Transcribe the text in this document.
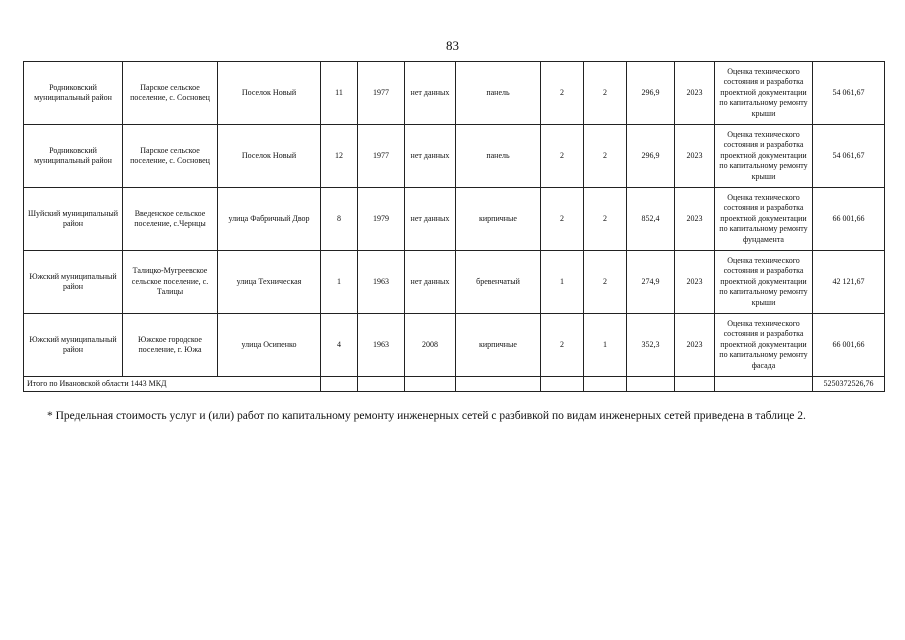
83
Родниковский муниципальный район	Парское сельское поселение, с. Сосновец	Поселок Новый	11	1977	нет данных	панель	2	2	296,9	2023	Оценка технического состояния и разработка проектной документации по капитальному ремонту крыши	54 061,67
Родниковский муниципальный район	Парское сельское поселение, с. Сосновец	Поселок Новый	12	1977	нет данных	панель	2	2	296,9	2023	Оценка технического состояния и разработка проектной документации по капитальному ремонту крыши	54 061,67
Шуйский муниципальный район	Введенское сельское поселение, с.Чернцы	улица Фабричный Двор	8	1979	нет данных	кирпичные	2	2	852,4	2023	Оценка технического состояния и разработка проектной документации по капитальному ремонту фундамента	66 001,66
Южский муниципальный район	Талицко-Мугреевское сельское поселение, с. Талицы	улица Техническая	1	1963	нет данных	бревенчатый	1	2	274,9	2023	Оценка технического состояния и разработка проектной документации по капитальному ремонту крыши	42 121,67
Южский муниципальный район	Южское городское поселение, г. Южа	улица Осипенко	4	1963	2008	кирпичные	2	1	352,3	2023	Оценка технического состояния и разработка проектной документации по капитальному ремонту фасада	66 001,66
Итого по Ивановской области 1443 МКД												5250372526,76
* Предельная стоимость услуг и (или) работ по капитальному ремонту инженерных сетей с разбивкой по видам инженерных сетей приведена в таблице 2.
